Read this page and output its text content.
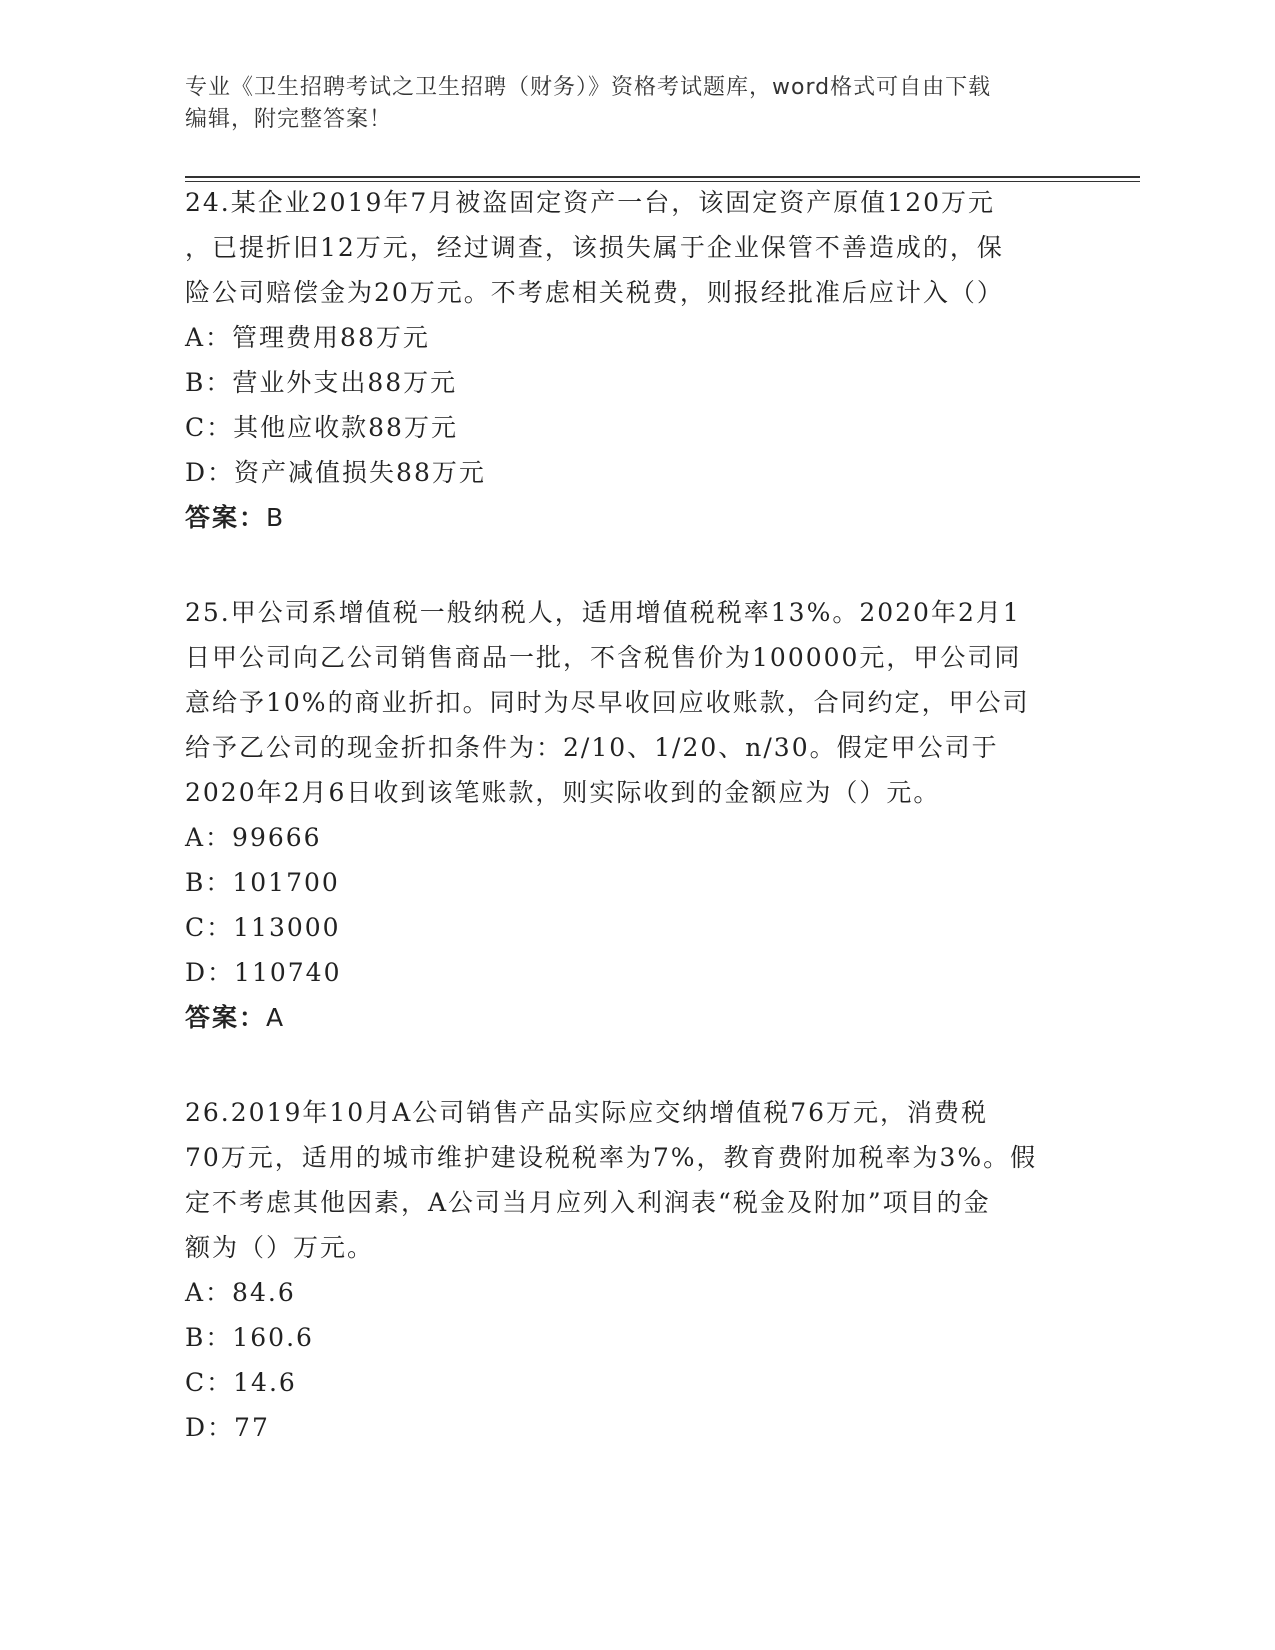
专业《卫生招聘考试之卫生招聘（财务）》资格考试题库，word格式可自由下载
编辑，附完整答案！
24.某企业2019年7月被盗固定资产一台，该固定资产原值120万元
，已提折旧12万元，经过调查，该损失属于企业保管不善造成的，保
险公司赔偿金为20万元。不考虑相关税费，则报经批准后应计入（）
A：管理费用88万元
B：营业外支出88万元
C：其他应收款88万元
D：资产减值损失88万元
答案：B
25.甲公司系增值税一般纳税人，适用增值税税率13%。2020年2月1
日甲公司向乙公司销售商品一批，不含税售价为100000元，甲公司同
意给予10%的商业折扣。同时为尽早收回应收账款，合同约定，甲公司
给予乙公司的现金折扣条件为：2/10、1/20、n/30。假定甲公司于
2020年2月6日收到该笔账款，则实际收到的金额应为（）元。
A：99666
B：101700
C：113000
D：110740
答案：A
26.2019年10月A公司销售产品实际应交纳增值税76万元，消费税
70万元，适用的城市维护建设税税率为7%，教育费附加税率为3%。假
定不考虑其他因素，A公司当月应列入利润表“税金及附加”项目的金
额为（）万元。
A：84.6
B：160.6
C：14.6
D：77
